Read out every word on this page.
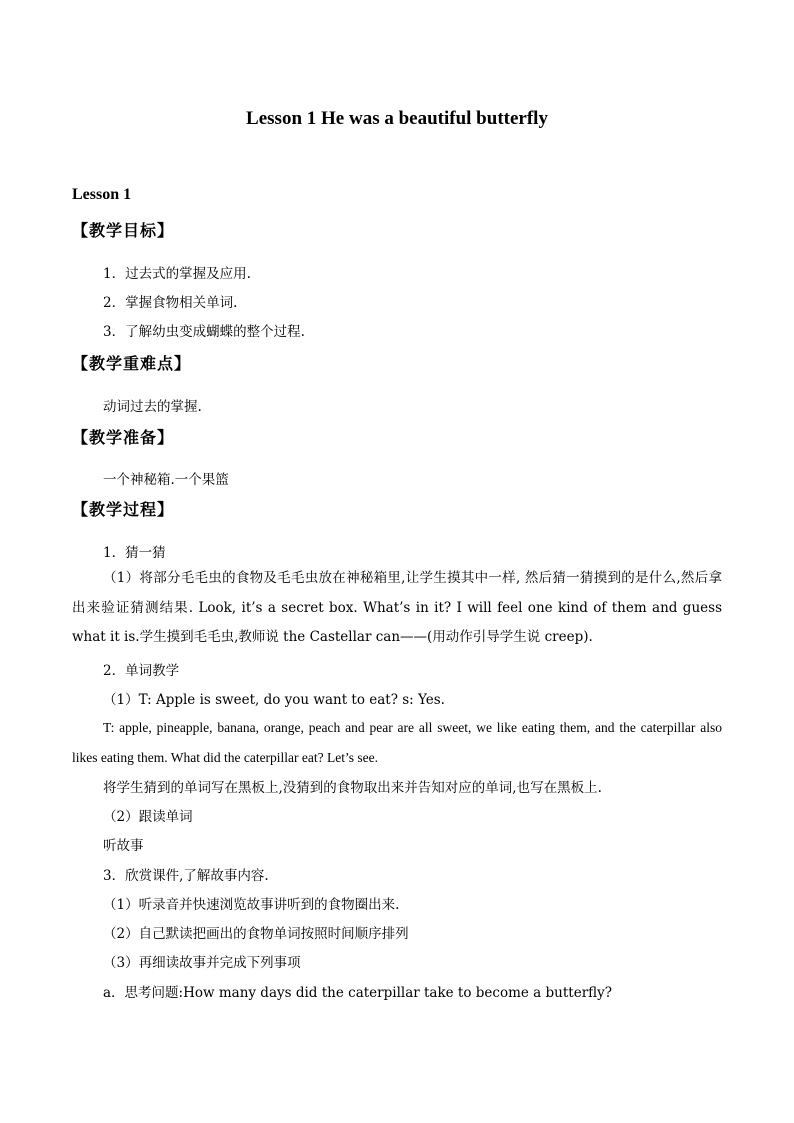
Lesson 1 He was a beautiful butterfly
Lesson 1
【教学目标】
1．过去式的掌握及应用.
2．掌握食物相关单词.
3．了解幼虫变成蝴蝶的整个过程.
【教学重难点】
动词过去的掌握.
【教学准备】
一个神秘箱.一个果篮
【教学过程】
1．猜一猜
（1）将部分毛毛虫的食物及毛毛虫放在神秘箱里,让学生摸其中一样, 然后猜一猜摸到的是什么,然后拿出来验证猜测结果. Look, it’s a secret box. What’s in it? I will feel one kind of them and guess what it is.学生摸到毛毛虫,教师说 the Castellar can——(用动作引导学生说 creep).
2．单词教学
（1）T: Apple is sweet, do you want to eat? s: Yes.
T: apple, pineapple, banana, orange, peach and pear are all sweet, we like eating them, and the caterpillar also likes eating them. What did the caterpillar eat? Let’s see.
将学生猜到的单词写在黑板上,没猜到的食物取出来并告知对应的单词,也写在黑板上.
（2）跟读单词
听故事
3．欣赏课件,了解故事内容.
（1）听录音并快速浏览故事讲听到的食物圈出来.
（2）自己默读把画出的食物单词按照时间顺序排列
（3）再细读故事并完成下列事项
a．思考问题:How many days did the caterpillar take to become a butterfly?
